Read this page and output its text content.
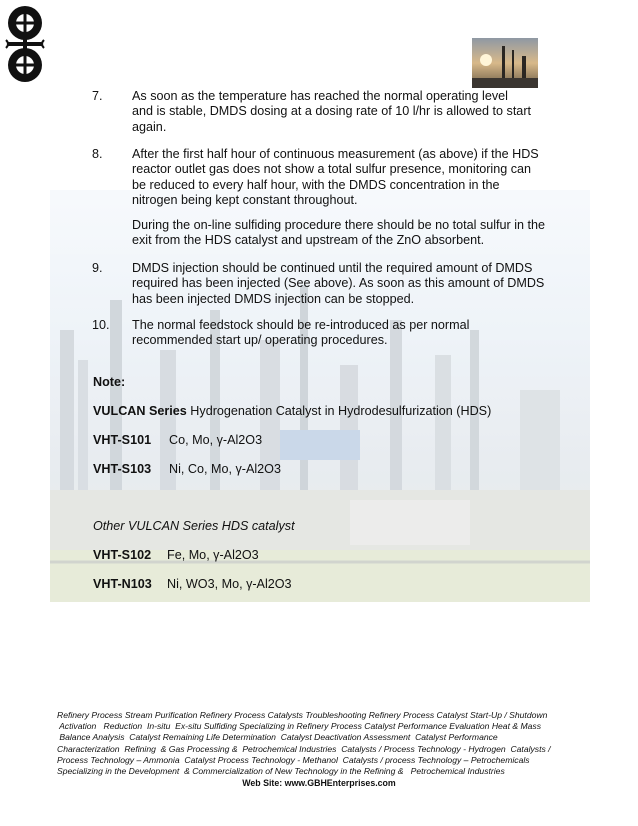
7. As soon as the temperature has reached the normal operating level
and is stable, DMDS dosing at a dosing rate of 10 l/hr is allowed to start
again.
8. After the first half hour of continuous measurement (as above) if the HDS
reactor outlet gas does not show a total sulfur presence, monitoring can
be reduced to every half hour, with the DMDS concentration in the
nitrogen being kept constant throughout.
During the on-line sulfiding procedure there should be no total sulfur in the
exit from the HDS catalyst and upstream of the ZnO absorbent.
9. DMDS injection should be continued until the required amount of DMDS
required has been injected (See above). As soon as this amount of DMDS
has been injected DMDS injection can be stopped.
10. The normal feedstock should be re-introduced as per normal
recommended start up/ operating procedures.
Note:
VULCAN Series Hydrogenation Catalyst in Hydrodesulfurization (HDS)
VHT-S101 Co, Mo, γ-Al2O3
VHT-S103 Ni, Co, Mo, γ-Al2O3
Other VULCAN Series HDS catalyst
VHT-S102 Fe, Mo, γ-Al2O3
VHT-N103 Ni, WO3, Mo, γ-Al2O3
Refinery Process Stream Purification Refinery Process Catalysts Troubleshooting Refinery Process Catalyst Start-Up / Shutdown
Activation   Reduction  In-situ  Ex-situ Sulfiding Specializing in Refinery Process Catalyst Performance Evaluation Heat & Mass
Balance Analysis  Catalyst Remaining Life Determination  Catalyst Deactivation Assessment  Catalyst Performance
Characterization  Refining  & Gas Processing &  Petrochemical Industries  Catalysts / Process Technology - Hydrogen  Catalysts /
Process Technology – Ammonia  Catalyst Process Technology - Methanol  Catalysts / process Technology – Petrochemicals
Specializing in the Development  & Commercialization of New Technology in the Refining &   Petrochemical Industries
Web Site: www.GBHEnterprises.com
